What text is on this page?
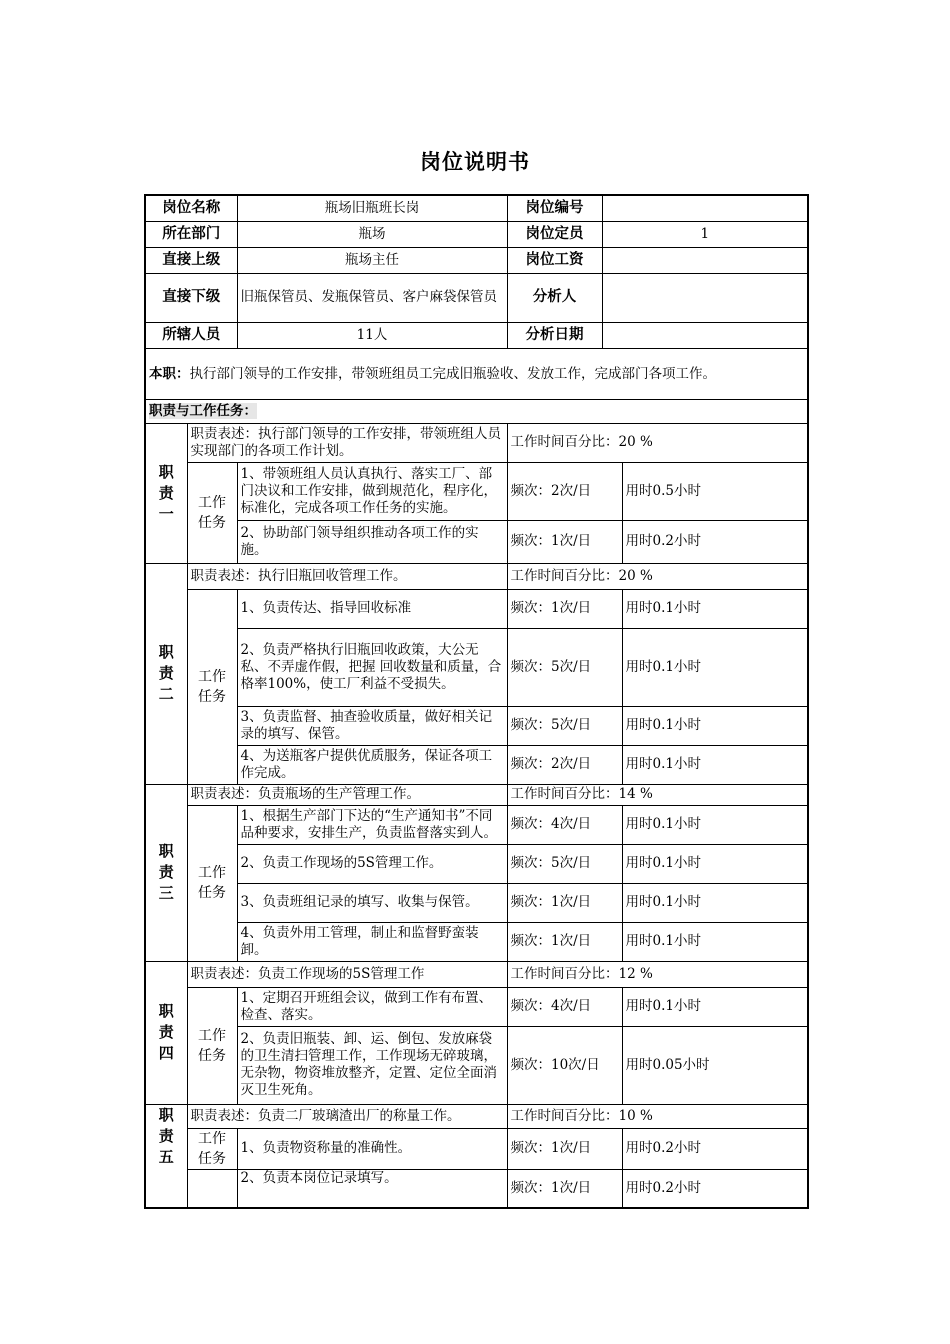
岗位说明书
岗位名称		瓶场旧瓶班长岗	岗位编号		
所在部门		瓶场	岗位定员	1	
直接上级		瓶场主任	岗位工资		
直接下级		旧瓶保管员、发瓶保管员、客户麻袋保管员	分析人		
所辖人员		11人	分析日期		
本职：执行部门领导的工作安排，带领班组员工完成旧瓶验收、发放工作，完成部门各项工作。					
职责与工作任务：					
职
责
一	职责表述：执行部门领导的工作安排，带领班组人员实现部门的各项工作计划。		工作时间百分比：20 %		
	工作
任务	1、带领班组人员认真执行、落实工厂、部门决议和工作安排，做到规范化，程序化，标准化，完成各项工作任务的实施。	频次：2次/日		用时0.5小时
		2、协助部门领导组织推动各项工作的实施。	频次：1次/日		用时0.2小时
职
责
二	职责表述：执行旧瓶回收管理工作。		工作时间百分比：20 %		
	工作
任务	1、负责传达、指导回收标准	频次：1次/日		用时0.1小时
		2、负责严格执行旧瓶回收政策，大公无私、不弄虚作假，把握 回收数量和质量，合格率100%，使工厂利益不受损失。	频次：5次/日		用时0.1小时
		3、负责监督、抽查验收质量，做好相关记录的填写、保管。	频次：5次/日		用时0.1小时
		4、为送瓶客户提供优质服务，保证各项工作完成。	频次：2次/日		用时0.1小时
职
责
三	职责表述：负责瓶场的生产管理工作。		工作时间百分比：14 %		
	工作
任务	1、根据生产部门下达的“生产通知书”不同品种要求，安排生产，负责监督落实到人。	频次：4次/日		用时0.1小时
		2、负责工作现场的5S管理工作。	频次：5次/日		用时0.1小时
		3、负责班组记录的填写、收集与保管。	频次：1次/日		用时0.1小时
		4、负责外用工管理，制止和监督野蛮装卸。	频次：1次/日		用时0.1小时
职
责
四	职责表述：负责工作现场的5S管理工作		工作时间百分比：12 %		
	工作
任务	1、定期召开班组会议，做到工作有布置、检查、落实。	频次：4次/日		用时0.1小时
		2、负责旧瓶装、卸、运、倒包、发放麻袋的卫生清扫管理工作，工作现场无碎玻璃，无杂物，物资堆放整齐，定置、定位全面消灭卫生死角。	频次：10次/日		用时0.05小时
职
责
五	职责表述：负责二厂玻璃渣出厂的称量工作。		工作时间百分比：10 %		
	工作
任务	1、负责物资称量的准确性。	频次：1次/日		用时0.2小时
		2、负责本岗位记录填写。	频次：1次/日		用时0.2小时
